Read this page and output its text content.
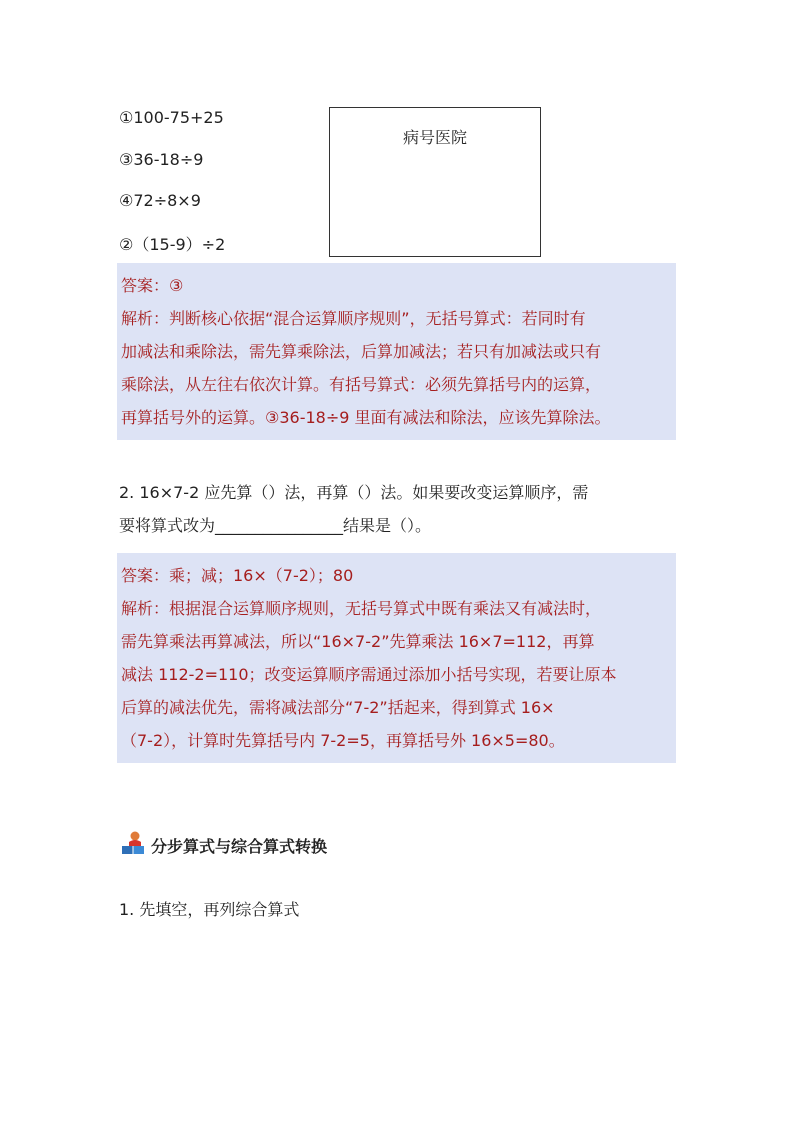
①100-75+25
③36-18÷9
④72÷8×9
②（15-9）÷2
病号医院

答案：③

解析：判断核心依据“混合运算顺序规则”，无括号算式：若同时有

加减法和乘除法，需先算乘除法，后算加减法；若只有加减法或只有

乘除法，从左往右依次计算。有括号算式：必须先算括号内的运算，

再算括号外的运算。③36-18÷9 里面有减法和除法，应该先算除法。

2. 16×7-2 应先算（）法，再算（）法。如果要改变运算顺序，需

要将算式改为________________结果是（）。

答案：乘；减；16×（7-2）；80

解析：根据混合运算顺序规则，无括号算式中既有乘法又有减法时，

需先算乘法再算减法，所以“16×7-2”先算乘法 16×7=112，再算

减法 112-2=110；改变运算顺序需通过添加小括号实现，若要让原本

后算的减法优先，需将减法部分“7-2”括起来，得到算式 16×

（7-2），计算时先算括号内 7-2=5，再算括号外 16×5=80。

分步算式与综合算式转换
1. 先填空，再列综合算式
